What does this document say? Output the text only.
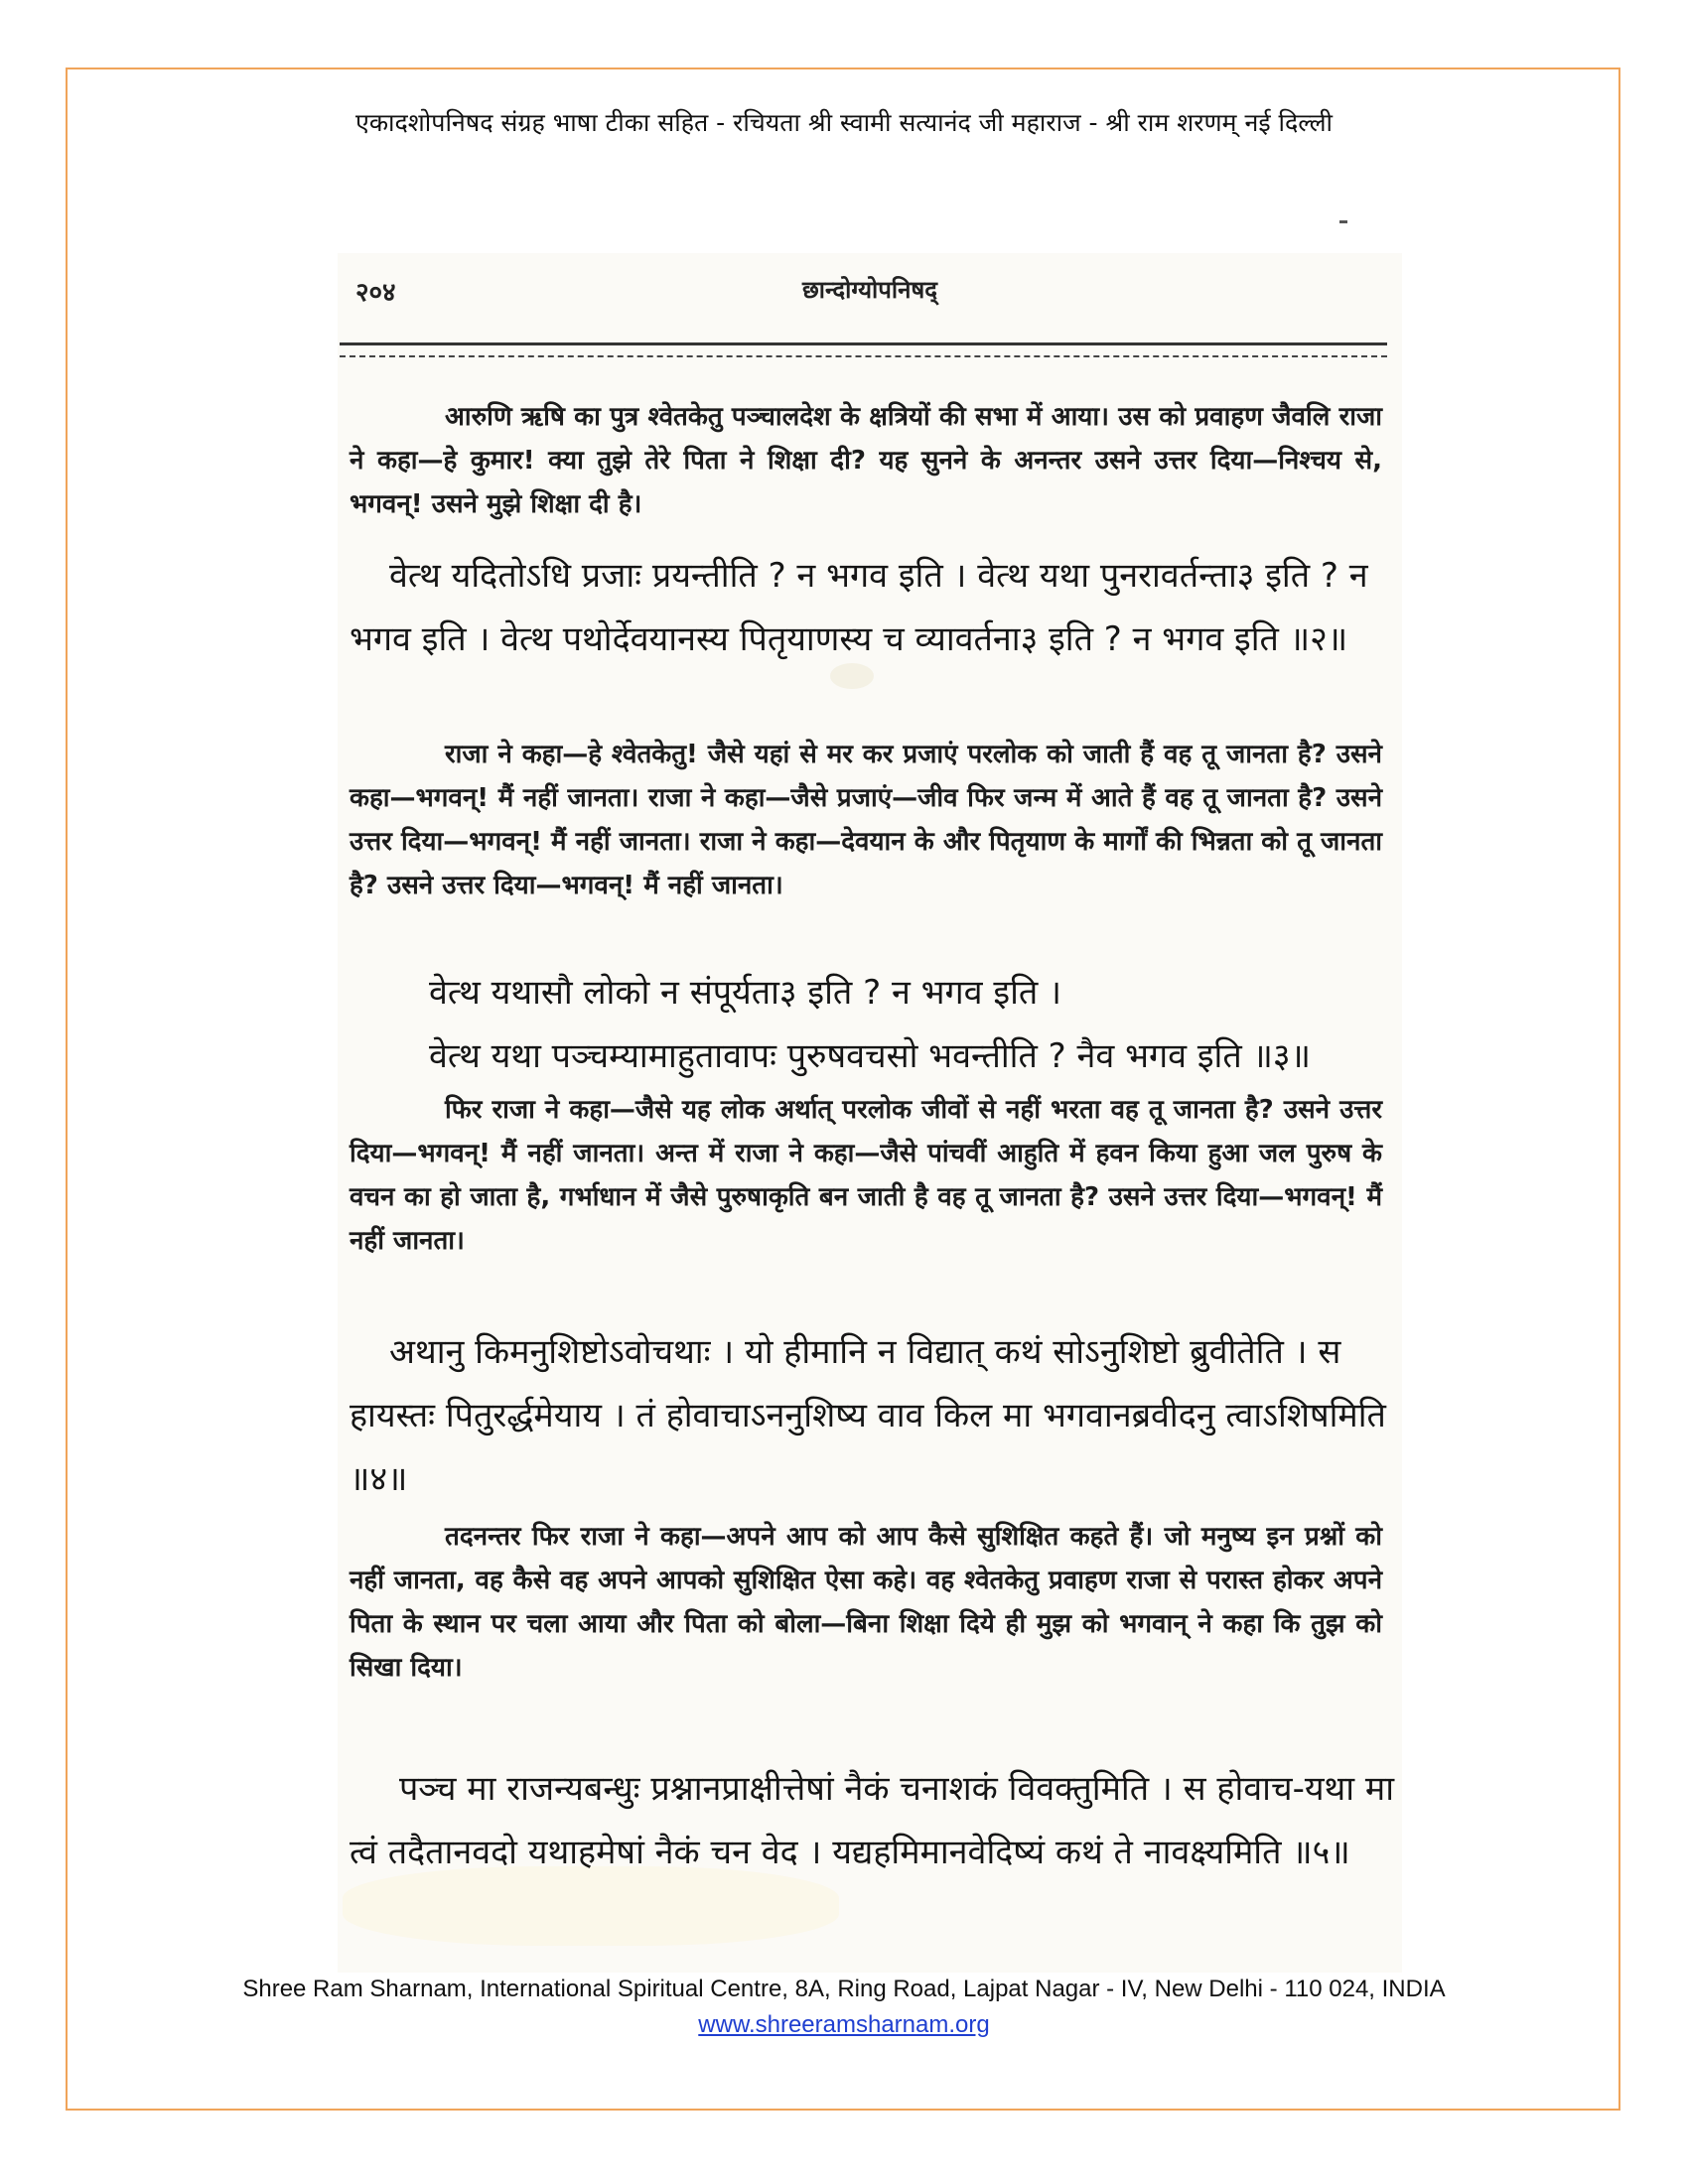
एकादशोपनिषद संग्रह भाषा टीका सहित - रचियता श्री स्वामी सत्यानंद जी महाराज - श्री राम शरणम् नई दिल्ली
२०४	छान्दोग्योपनिषद्

आरुणि ऋषि का पुत्र श्वेतकेतु पञ्चालदेश के क्षत्रियों की सभा में आया। उस को प्रवाहण जैवलि राजा ने कहा—हे कुमार! क्या तुझे तेरे पिता ने शिक्षा दी? यह सुनने के अनन्तर उसने उत्तर दिया—निश्चय से, भगवन्! उसने मुझे शिक्षा दी है।

वेत्थ यदितोऽधि प्रजाः प्रयन्तीति ? न भगव इति । वेत्थ यथा पुनरावर्तन्ता३ इति ? न भगव इति । वेत्थ पथोर्देवयानस्य पितृयाणस्य च व्यावर्तना३ इति ? न भगव इति ॥२॥

राजा ने कहा—हे श्वेतकेतु! जैसे यहां से मर कर प्रजाएं परलोक को जाती हैं वह तू जानता है? उसने कहा—भगवन्! मैं नहीं जानता। राजा ने कहा—जैसे प्रजाएं—जीव फिर जन्म में आते हैं वह तू जानता है? उसने उत्तर दिया—भगवन्! मैं नहीं जानता। राजा ने कहा—देवयान के और पितृयाण के मार्गों की भिन्नता को तू जानता है? उसने उत्तर दिया—भगवन्! मैं नहीं जानता।

वेत्थ यथासौ लोको न संपूर्यता३ इति ? न भगव इति ।
वेत्थ यथा पञ्चम्यामाहुतावापः पुरुषवचसो भवन्तीति ? नैव भगव इति ॥३॥

फिर राजा ने कहा—जैसे यह लोक अर्थात् परलोक जीवों से नहीं भरता वह तू जानता है? उसने उत्तर दिया—भगवन्! मैं नहीं जानता। अन्त में राजा ने कहा—जैसे पांचवीं आहुति में हवन किया हुआ जल पुरुष के वचन का हो जाता है, गर्भाधान में जैसे पुरुषाकृति बन जाती है वह तू जानता है? उसने उत्तर दिया—भगवन्! मैं नहीं जानता।

अथानु किमनुशिष्टोऽवोचथाः । यो हीमानि न विद्यात् कथं सोऽनुशिष्टो ब्रुवीतेति । स हायस्तः पितुरर्द्धमेयाय । तं होवाचाऽननुशिष्य वाव किल मा भगवानब्रवीदनु त्वाऽशिषमिति ॥४॥

तदनन्तर फिर राजा ने कहा—अपने आप को आप कैसे सुशिक्षित कहते हैं। जो मनुष्य इन प्रश्नों को नहीं जानता, वह कैसे वह अपने आपको सुशिक्षित ऐसा कहे। वह श्वेतकेतु प्रवाहण राजा से परास्त होकर अपने पिता के स्थान पर चला आया और पिता को बोला—बिना शिक्षा दिये ही मुझ को भगवान् ने कहा कि तुझ को सिखा दिया।

पञ्च मा राजन्यबन्धुः प्रश्नानप्राक्षीत्तेषां नैकं चनाशकं विवक्तुमिति । स होवाच-यथा मा त्वं तदैतानवदो यथाहमेषां नैकं चन वेद । यद्यहमिमानवेदिष्यं कथं ते नावक्ष्यमिति ॥५॥

Shree Ram Sharnam, International Spiritual Centre, 8A, Ring Road, Lajpat Nagar - IV, New Delhi - 110 024, INDIA
www.shreeramsharnam.org
